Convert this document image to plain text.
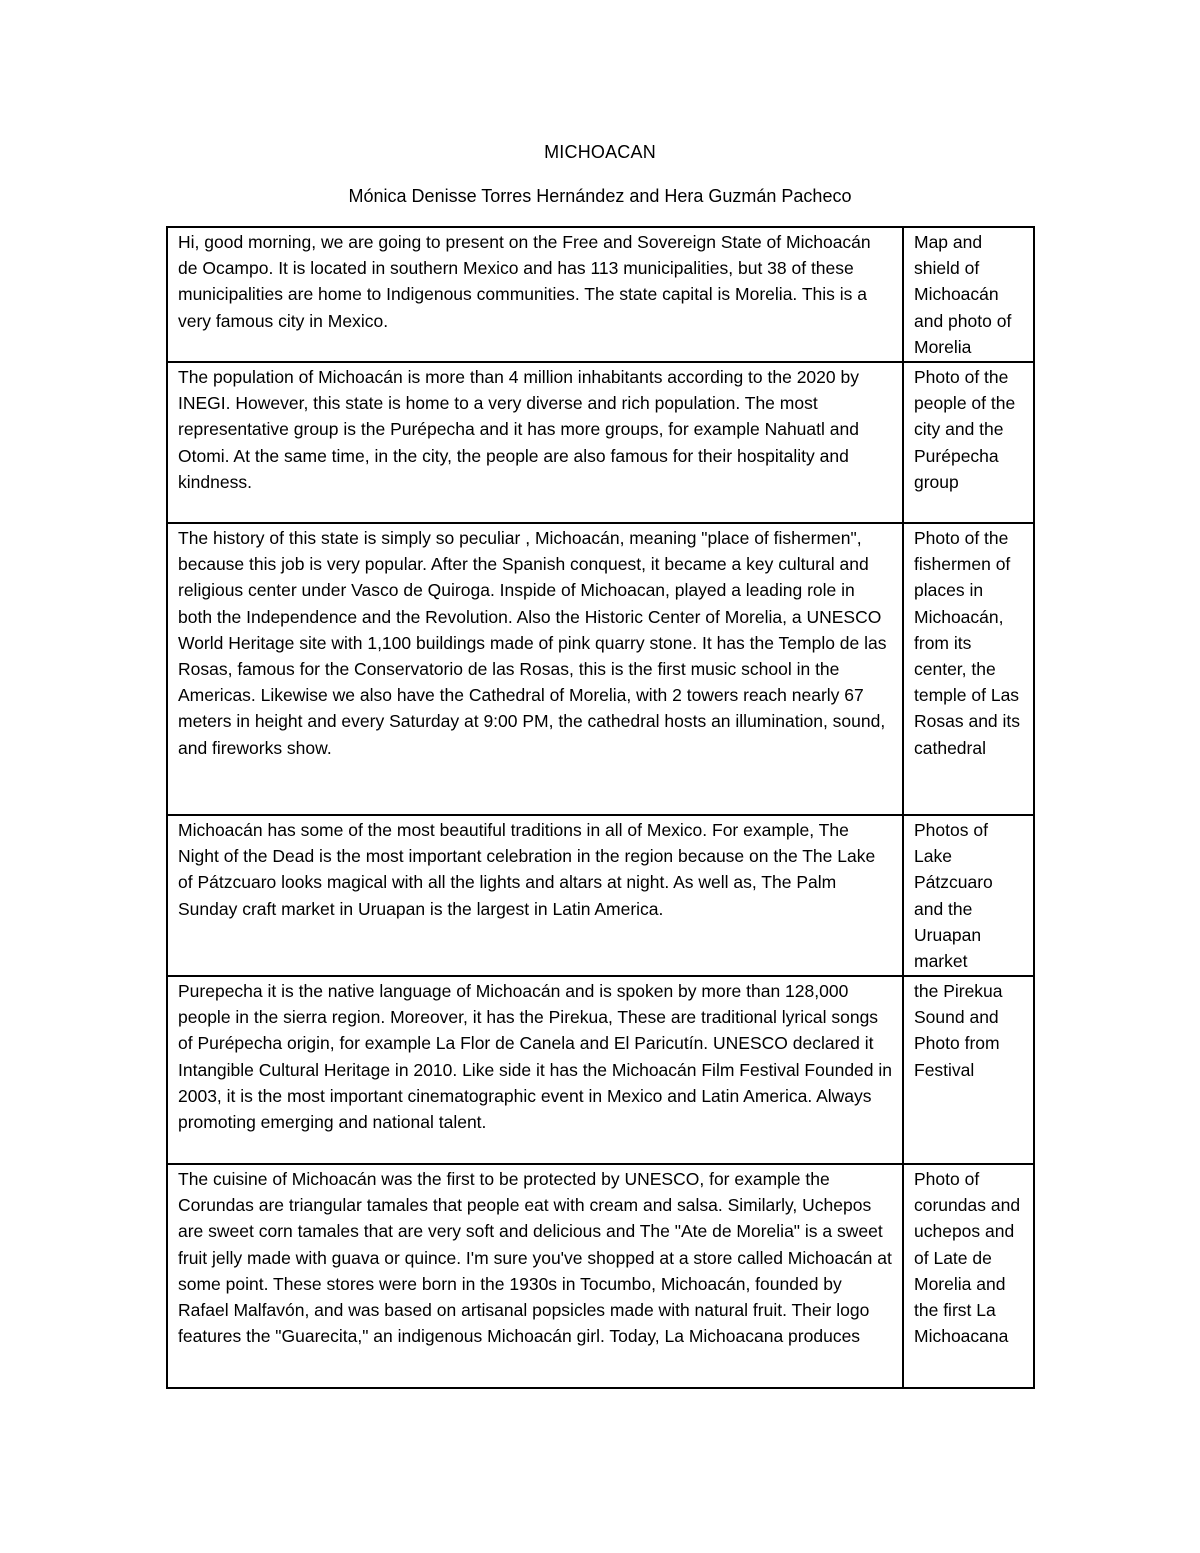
MICHOACAN
Mónica Denisse Torres Hernández and Hera Guzmán Pacheco
Hi, good morning, we are going to present on the Free and Sovereign State of Michoacán de Ocampo. It is located in southern Mexico and has 113 municipalities, but 38 of these municipalities are home to Indigenous communities. The state capital is Morelia. This is a very famous city in Mexico.	Map and shield of Michoacán and photo of Morelia
The population of Michoacán is more than 4 million inhabitants according to the 2020 by INEGI. However, this state is home to a very diverse and rich population. The most representative group is the Purépecha and it has more groups, for example Nahuatl and Otomi. At the same time, in the city, the people are also famous for their hospitality and kindness.	Photo of the people of the city and the Purépecha group
The history of this state is simply so peculiar , Michoacán, meaning "place of fishermen", because this job is very popular. After the Spanish conquest, it became a key cultural and religious center under Vasco de Quiroga. Inspide of Michoacan, played a leading role in both the Independence and the Revolution. Also the Historic Center of Morelia, a UNESCO World Heritage site with 1,100 buildings made of pink quarry stone. It has the Templo de las Rosas, famous for the Conservatorio de las Rosas, this is the first music school in the Americas. Likewise we also have the Cathedral of Morelia, with 2 towers reach nearly 67 meters in height and every Saturday at 9:00 PM, the cathedral hosts an illumination, sound, and fireworks show.	Photo of the fishermen of places in Michoacán, from its center, the temple of Las Rosas and its cathedral
Michoacán has some of the most beautiful traditions in all of Mexico. For example, The Night of the Dead is the most important celebration in the region because on the The Lake of Pátzcuaro looks magical with all the lights and altars at night. As well as, The Palm Sunday craft market in Uruapan is the largest in Latin America.	Photos of Lake Pátzcuaro and the Uruapan market
Purepecha it is the native language of Michoacán and is spoken by more than 128,000 people in the sierra region. Moreover, it has the Pirekua, These are traditional lyrical songs of Purépecha origin, for example La Flor de Canela and El Paricutín. UNESCO declared it Intangible Cultural Heritage in 2010. Like side it has the Michoacán Film Festival Founded in 2003, it is the most important cinematographic event in Mexico and Latin America. Always promoting emerging and national talent.	the Pirekua Sound and Photo from Festival
The cuisine of Michoacán was the first to be protected by UNESCO, for example the Corundas are triangular tamales that people eat with cream and salsa. Similarly, Uchepos are sweet corn tamales that are very soft and delicious and The "Ate de Morelia" is a sweet fruit jelly made with guava or quince. I'm sure you've shopped at a store called Michoacán at some point. These stores were born in the 1930s in Tocumbo, Michoacán, founded by Rafael Malfavón, and was based on artisanal popsicles made with natural fruit. Their logo features the "Guarecita," an indigenous Michoacán girl. Today, La Michoacana produces	Photo of corundas and uchepos and of Late de Morelia and the first La Michoacana
